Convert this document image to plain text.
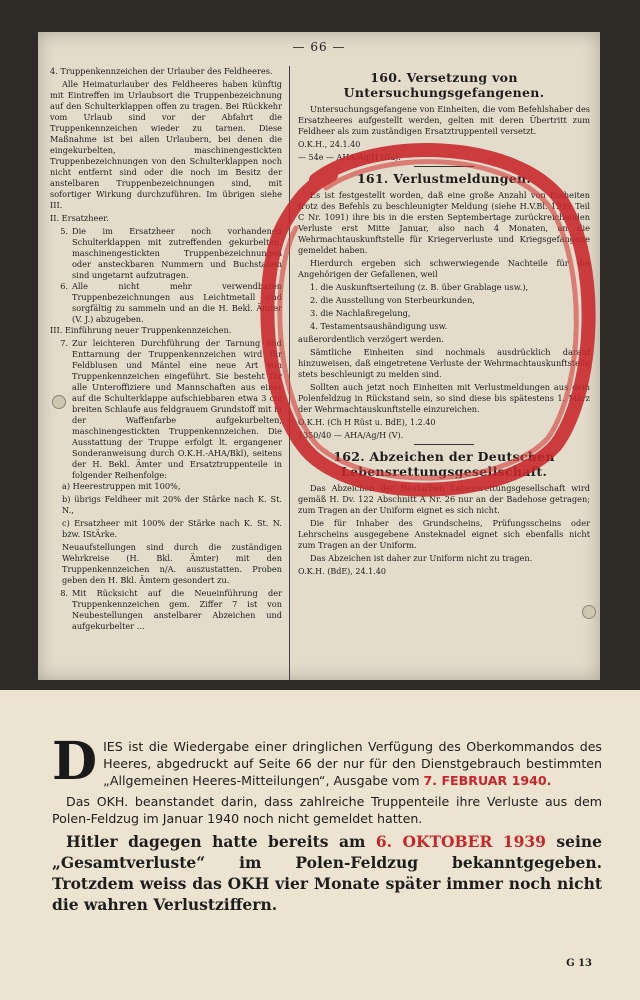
— 66 —

4. Truppenkennzeichen der Urlauber des Feldheeres.

Alle Heimaturlauber des Feldheeres haben künftig mit Eintreffen im Urlaubsort die Truppenbezeichnung auf den Schulterklappen offen zu tragen. Bei Rückkehr vom Urlaub sind vor der Abfahrt die Truppenkennzeichen wieder zu tarnen. Diese Maßnahme ist bei allen Urlaubern, bei denen die eingekurbelten, maschinengestickten Truppenbezeichnungen von den Schulterklappen noch nicht entfernt sind oder die noch im Besitz der anstelbaren Truppenbezeichnungen sind, mit sofortiger Wirkung durchzuführen. Im übrigen siehe III.

II. Ersatzheer.

5. Die im Ersatzheer noch vorhandenen Schulterklappen mit zutreffenden gekurbelten, maschinengestickten Truppenbezeichnungen oder ansteckbaren Nummern und Buchstaben sind ungetarnt aufzutragen.
6. Alle nicht mehr verwendbaren Truppenbezeichnungen aus Leichtmetall sind sorgfältig zu sammeln und an die H. Bekl. Ämter (V. J.) abzugeben.

III. Einführung neuer Truppenkennzeichen.

7. Zur leichteren Durchführung der Tarnung und Enttarnung der Truppenkennzeichen wird für Feldblusen und Mäntel eine neue Art von Truppenkennzeichen eingeführt. Sie besteht für alle Unteroffiziere und Mannschaften aus einer auf die Schulterklappe aufschiebbaren etwa 3 cm breiten Schlaufe aus feldgrauem Grundstoff mit in der Waffenfarbe aufgekurbelten, maschinengestickten Truppenkennzeichen. Die Ausstattung der Truppe erfolgt lt. ergangener Sonderanweisung durch O.K.H.-AHA/Bkl), seitens der H. Bekl. Ämter und Ersatztruppenteile in folgender Reihenfolge:

a) Heerestruppen mit 100%,

b) übrigs Feldheer mit 20% der Stärke nach K. St. N.,

c) Ersatzheer mit 100% der Stärke nach K. St. N. bzw. IStÄrke.

Neuaufstellungen sind durch die zuständigen Wehrkreise (H. Bkl. Ämter) mit den Truppenkennzeichen n/A. auszustatten. Proben geben den H. Bkl. Ämtern gesondert zu.

8. Mit Rücksicht auf die Neueinführung der Truppenkennzeichen gem. Ziffer 7 ist von Neubestellungen anstelbarer Abzeichen und aufgekurbelter ...
160. Versetzung von Untersuchungsgefangenen.

Untersuchungsgefangene von Einheiten, die vom Befehlshaber des Ersatzheeres aufgestellt werden, gelten mit deren Übertritt zum Feldheer als zum zuständigen Ersatztruppenteil versetzt.

O.K.H., 24.1.40

— 54e — AHA/Ag/H (IIa).

161. Verlustmeldungen.

Es ist festgestellt worden, daß eine große Anzahl von Einheiten trotz des Befehls zu beschleunigter Meldung (siehe H.V.Bl. 1939 Teil C Nr. 1091) ihre bis in die ersten Septembertage zurückreichenden Verluste erst Mitte Januar, also nach 4 Monaten, an die Wehrmachtauskunftstelle für Kriegerverluste und Kriegsgefangene gemeldet haben.

Hierdurch ergeben sich schwerwiegende Nachteile für die Angehörigen der Gefallenen, weil

1. die Auskunftserteilung (z. B. über Grablage usw.),

2. die Ausstellung von Sterbeurkunden,

3. die Nachlaßregelung,

4. Testamentsaushändigung usw.

außerordentlich verzögert werden.

Sämtliche Einheiten sind nochmals ausdrücklich darauf hinzuweisen, daß eingetretene Verluste der Wehrmachtauskunftstelle stets beschleunigt zu melden sind.

Sollten auch jetzt noch Einheiten mit Verlustmeldungen aus dem Polenfeldzug in Rückstand sein, so sind diese bis spätestens 1. März der Wehrmachtauskunftstelle einzureichen.

O.K.H. (Ch H Rüst u. BdE), 1.2.40

1350/40 — AHA/Ag/H (V).

162. Abzeichen der Deutschen Lebensrettungsgesellschaft.

Das Abzeichen der Deutschen Lebensrettungsgesellschaft wird gemäß H. Dv. 122 Abschnitt A Nr. 26 nur an der Badehose getragen; zum Tragen an der Uniform eignet es sich nicht.

Die für Inhaber des Grundscheins, Prüfungsscheins oder Lehrscheins ausgegebene Ansteknadel eignet sich ebenfalls nicht zum Tragen an der Uniform.

Das Abzeichen ist daher zur Uniform nicht zu tragen.

O.K.H. (BdE), 24.1.40

D IES ist die Wiedergabe einer dringlichen Verfügung des Oberkommandos des Heeres, abgedruckt auf Seite 66 der nur für den Dienstgebrauch bestimmten „Allgemeinen Heeres-Mitteilungen“, Ausgabe vom 7. FEBRUAR 1940.

Das OKH. beanstandet darin, dass zahlreiche Truppenteile ihre Verluste aus dem Polen-Feldzug im Januar 1940 noch nicht gemeldet hatten.

Hitler dagegen hatte bereits am 6. OKTOBER 1939 seine „Gesamtverluste“ im Polen-Feldzug bekanntgegeben. Trotzdem weiss das OKH vier Monate später immer noch nicht die wahren Verlustziffern.

G 13
